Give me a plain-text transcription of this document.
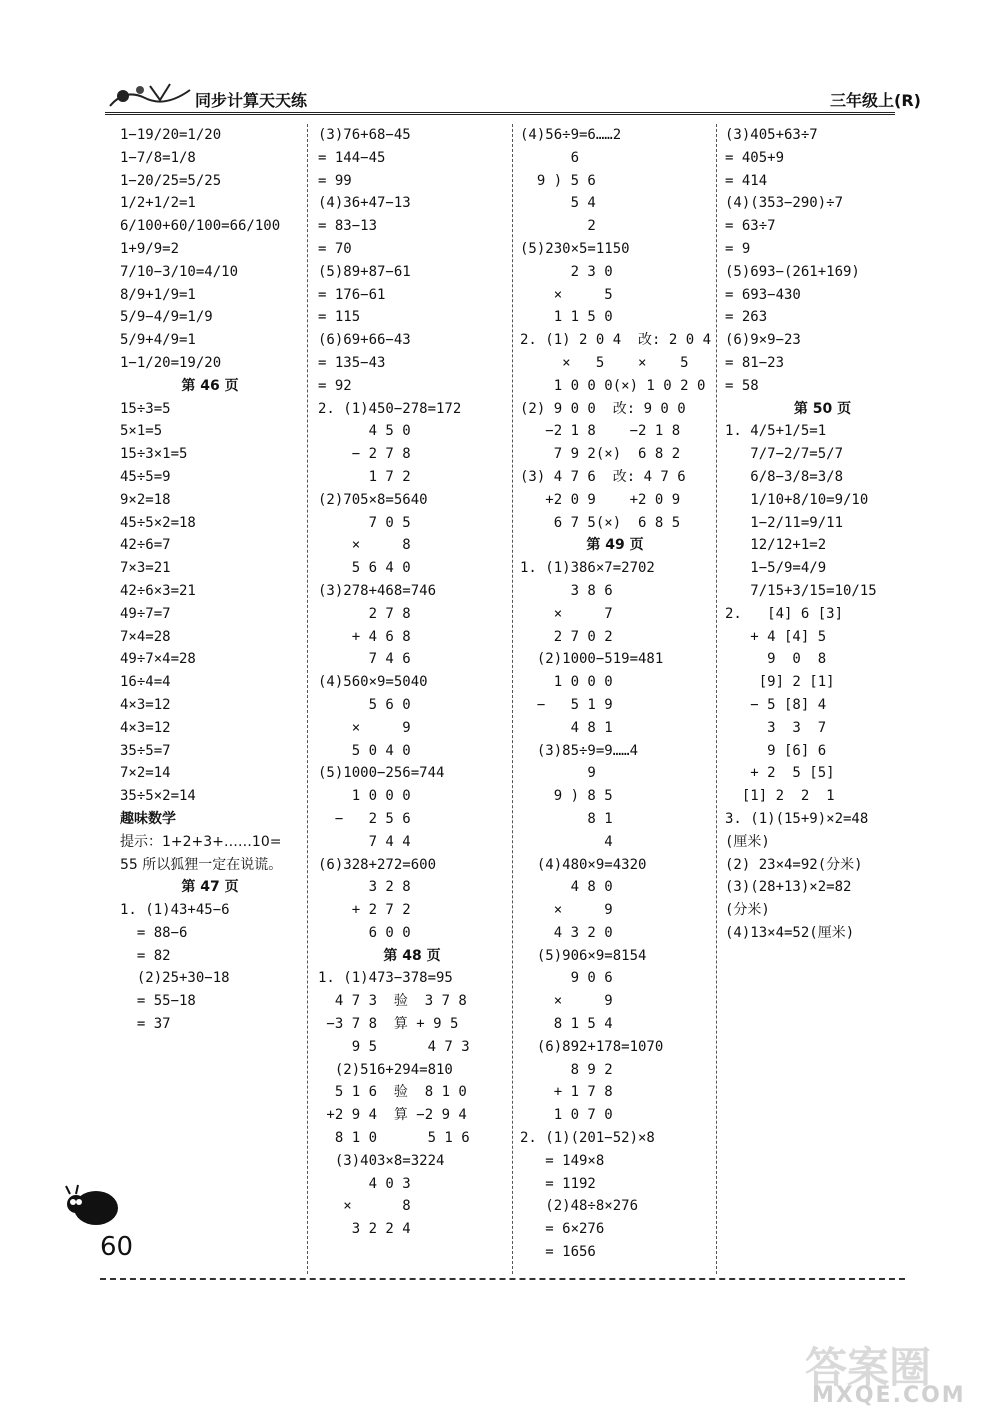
同步计算天天练	三年级上(R)
1−19/20=1/20
1−7/8=1/8
1−20/25=5/25
1/2+1/2=1
6/100+60/100=66/100
1+9/9=2
7/10−3/10=4/10
8/9+1/9=1
5/9−4/9=1/9
5/9+4/9=1
1−1/20=19/20
第 46 页
15÷3=5
5×1=5
15÷3×1=5
45÷5=9
9×2=18
45÷5×2=18
42÷6=7
7×3=21
42÷6×3=21
49÷7=7
7×4=28
49÷7×4=28
16÷4=4
4×3=12
4×3=12
35÷5=7
7×2=14
35÷5×2=14
趣味数学
提示：1+2+3+……10=
55 所以狐狸一定在说谎。
第 47 页
1. (1)43+45−6
= 88−6
= 82
(2)25+30−18
= 55−18
= 37
(3)76+68−45
= 144−45
= 99
(4)36+47−13
= 83−13
= 70
(5)89+87−61
= 176−61
= 115
(6)69+66−43
= 135−43
= 92
2. (1)450−278=172
4 5 0
− 2 7 8
1 7 2
(2)705×8=5640
7 0 5
×     8
5 6 4 0
(3)278+468=746
2 7 8
+ 4 6 8
7 4 6
(4)560×9=5040
5 6 0
×     9
5 0 4 0
(5)1000−256=744
1 0 0 0
−   2 5 6
7 4 4
(6)328+272=600
3 2 8
+ 2 7 2
6 0 0
第 48 页
1. (1)473−378=95
4 7 3  验  3 7 8
−3 7 8  算 + 9 5
9 5      4 7 3
(2)516+294=810
5 1 6  验  8 1 0
+2 9 4  算 −2 9 4
8 1 0      5 1 6
(3)403×8=3224
4 0 3
×      8
3 2 2 4
(4)56÷9=6……2
6
9 ) 5 6
5 4
2
(5)230×5=1150
2 3 0
×     5
1 1 5 0
2. (1) 2 0 4  改: 2 0 4
×   5    ×    5
1 0 0 0(×) 1 0 2 0
(2) 9 0 0  改: 9 0 0
−2 1 8    −2 1 8
7 9 2(×)  6 8 2
(3) 4 7 6  改: 4 7 6
+2 0 9    +2 0 9
6 7 5(×)  6 8 5
第 49 页
1. (1)386×7=2702
3 8 6
×     7
2 7 0 2
(2)1000−519=481
1 0 0 0
−   5 1 9
4 8 1
(3)85÷9=9……4
9
9 ) 8 5
8 1
4
(4)480×9=4320
4 8 0
×     9
4 3 2 0
(5)906×9=8154
9 0 6
×     9
8 1 5 4
(6)892+178=1070
8 9 2
+ 1 7 8
1 0 7 0
2. (1)(201−52)×8
= 149×8
= 1192
(2)48÷8×276
= 6×276
= 1656
(3)405+63÷7
= 405+9
= 414
(4)(353−290)÷7
= 63÷7
= 9
(5)693−(261+169)
= 693−430
= 263
(6)9×9−23
= 81−23
= 58
第 50 页
1. 4/5+1/5=1
7/7−2/7=5/7
6/8−3/8=3/8
1/10+8/10=9/10
1−2/11=9/11
12/12+1=2
1−5/9=4/9
7/15+3/15=10/15
2.   [4] 6 [3]
+ 4 [4] 5
9  0  8
[9] 2 [1]
− 5 [8] 4
3  3  7
9 [6] 6
+ 2  5 [5]
[1] 2  2  1
3. (1)(15+9)×2=48
(厘米)
(2) 23×4=92(分米)
(3)(28+13)×2=82
(分米)
(4)13×4=52(厘米)
60
答案圈
MXQE.COM
